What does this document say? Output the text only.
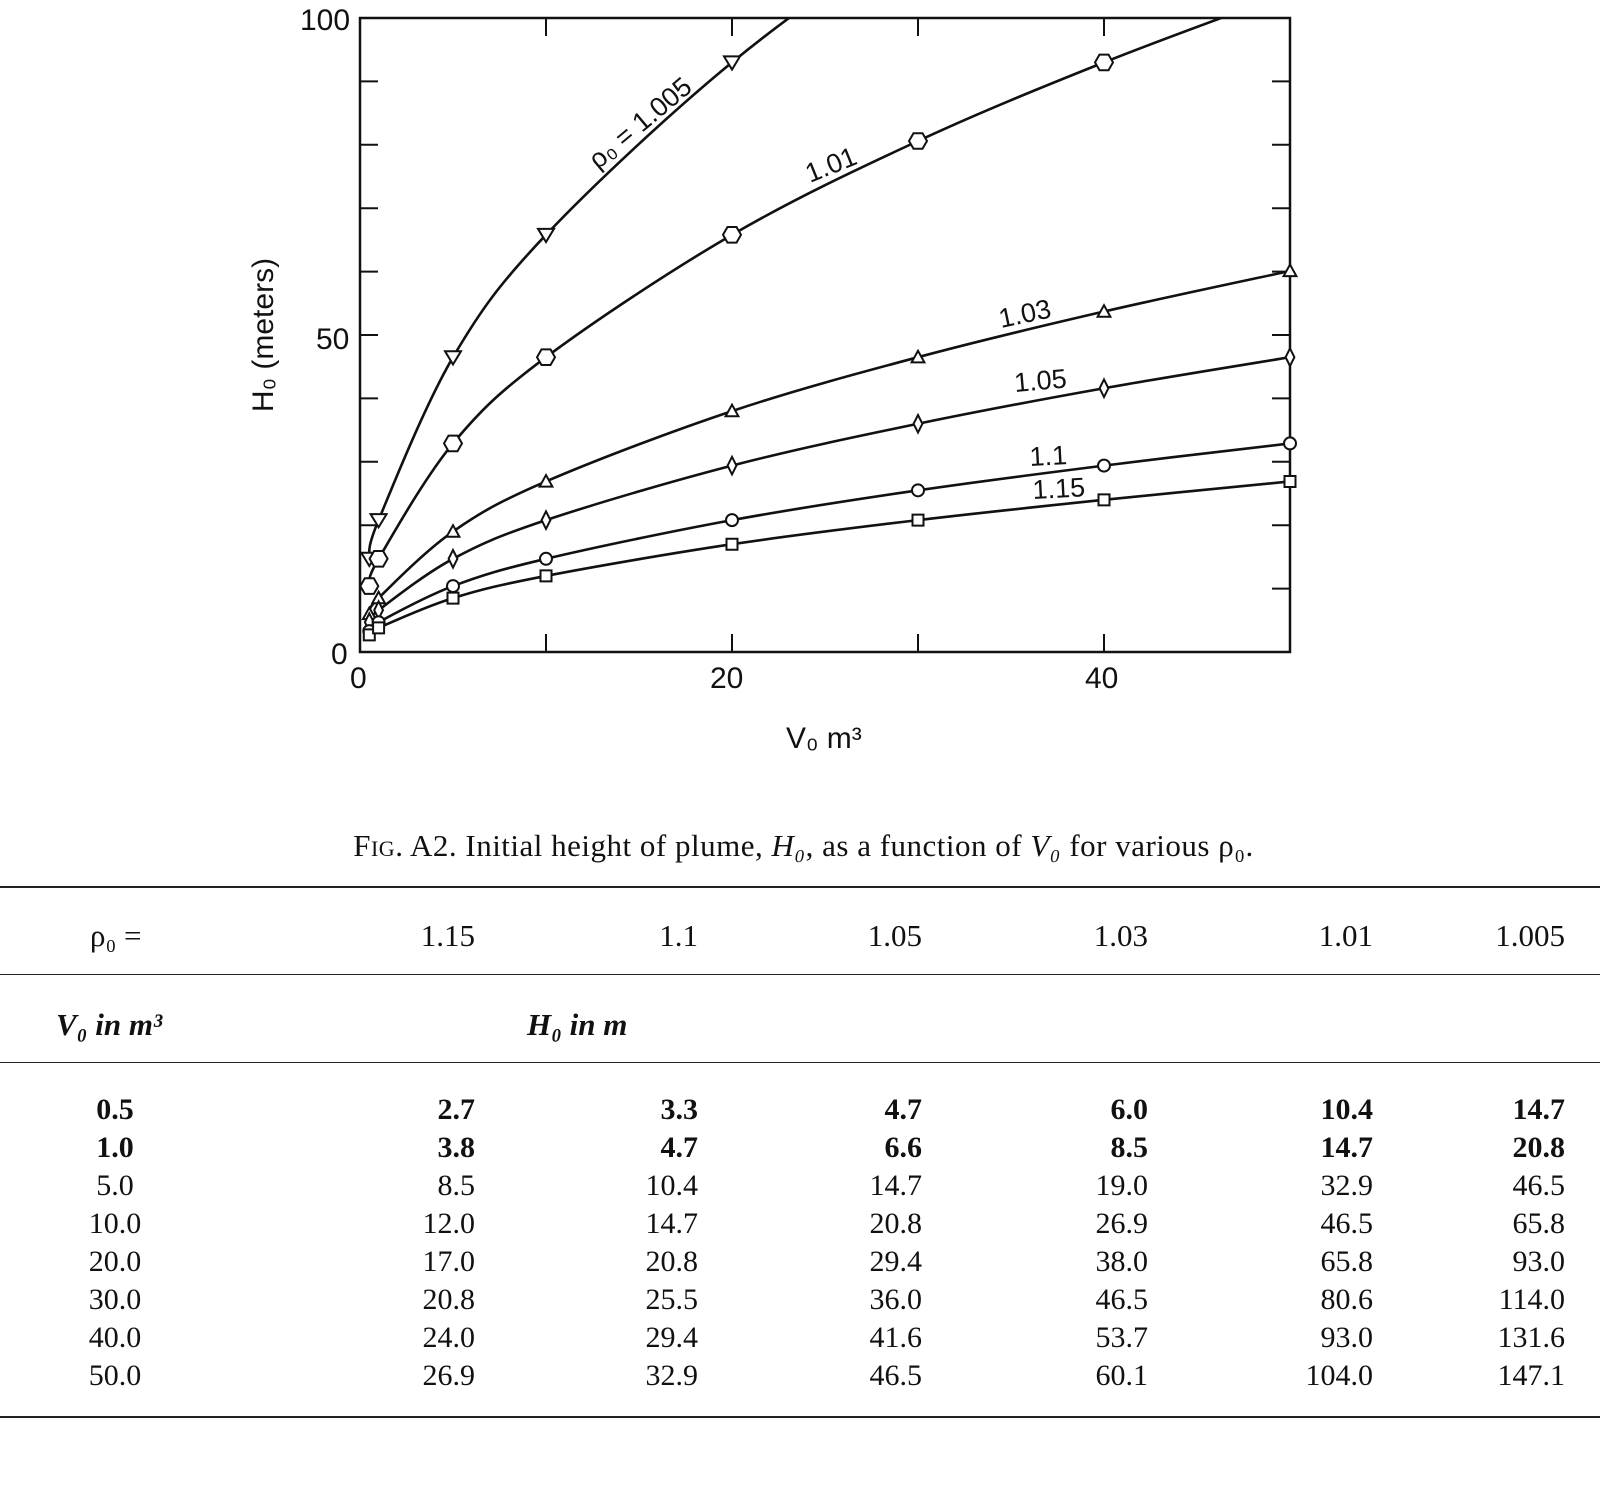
100
50
0
0	20	40
V₀ m³
H₀ (meters)
ρ₀ = 1.005	1.01
1.03
1.05
1.1
1.15
Fig. A2. Initial height of plume, H₀, as a function of V₀ for various ρ₀.
ρ₀ =
V₀ in m³	H₀ in m
1.15	1.1	1.05	1.03	1.01	1.005
0.5	2.7	3.3	4.7	6.0	10.4	14.7
1.0	3.8	4.7	6.6	8.5	14.7	20.8
5.0	8.5	10.4	14.7	19.0	32.9	46.5
10.0	12.0	14.7	20.8	26.9	46.5	65.8
20.0	17.0	20.8	29.4	38.0	65.8	93.0
30.0	20.8	25.5	36.0	46.5	80.6	114.0
40.0	24.0	29.4	41.6	53.7	93.0	131.6
50.0	26.9	32.9	46.5	60.1	104.0	147.1
